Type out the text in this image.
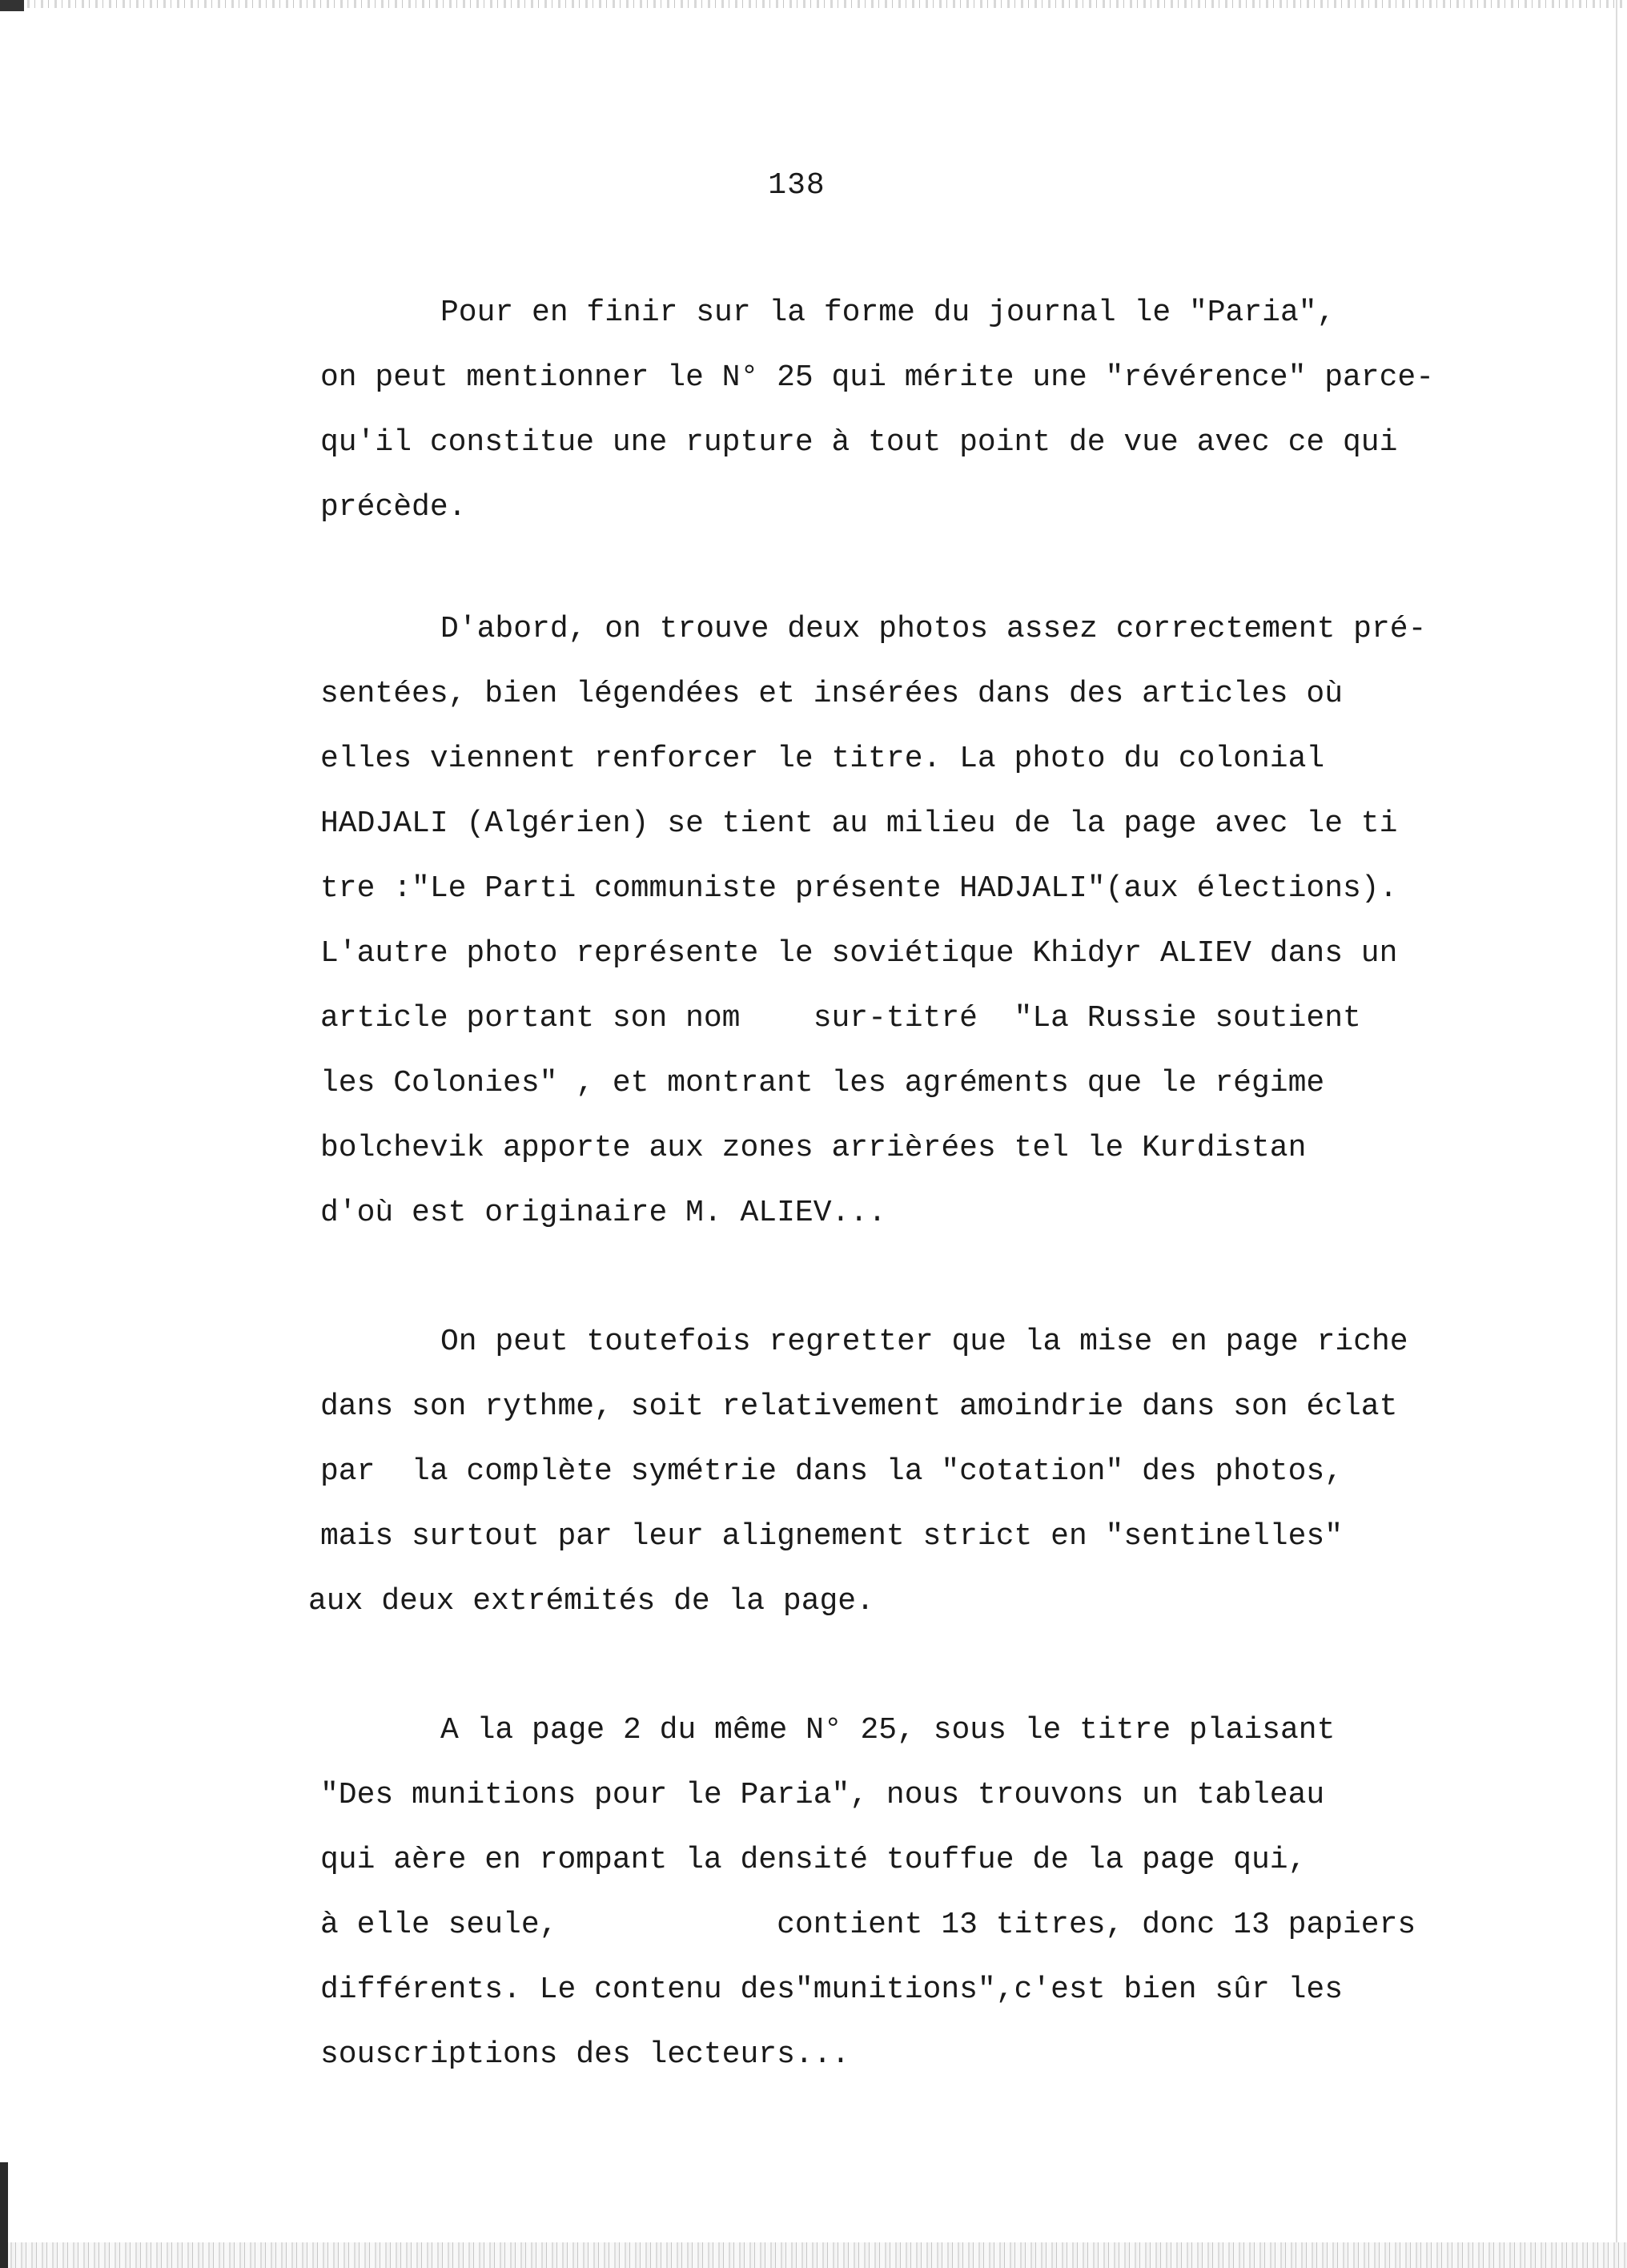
138

Pour en finir sur la forme du journal le "Paria",

on peut mentionner le N° 25 qui mérite une "révérence" parce-

qu'il constitue une rupture à tout point de vue avec ce qui

précède.

D'abord, on trouve deux photos assez correctement pré-

sentées, bien légendées et insérées dans des articles où

elles viennent renforcer le titre. La photo du colonial

HADJALI (Algérien) se tient au milieu de la page avec le ti

tre :"Le Parti communiste présente HADJALI"(aux élections).

L'autre photo représente le soviétique Khidyr ALIEV dans un

article portant son nom    sur-titré  "La Russie soutient

les Colonies" , et montrant les agréments que le régime

bolchevik apporte aux zones arrièrées tel le Kurdistan

d'où est originaire M. ALIEV...

On peut toutefois regretter que la mise en page riche

dans son rythme, soit relativement amoindrie dans son éclat

par  la complète symétrie dans la "cotation" des photos,

mais surtout par leur alignement strict en "sentinelles"

aux deux extrémités de la page.

A la page 2 du même N° 25, sous le titre plaisant

"Des munitions pour le Paria", nous trouvons un tableau

qui aère en rompant la densité touffue de la page qui,

à elle seule,            contient 13 titres, donc 13 papiers

différents. Le contenu des"munitions",c'est bien sûr les

souscriptions des lecteurs...
